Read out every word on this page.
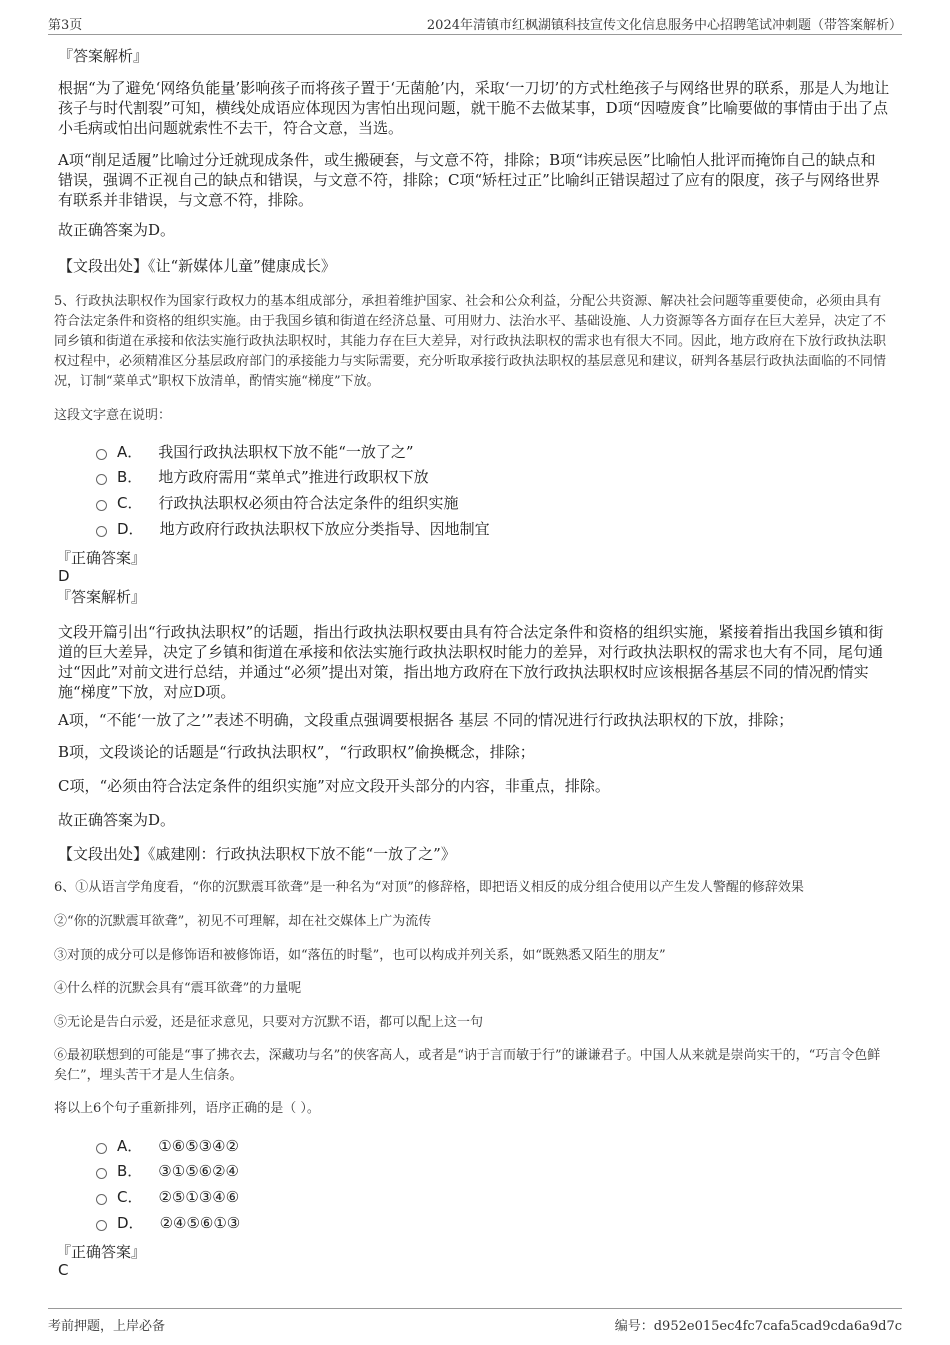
第3页	2024年清镇市红枫湖镇科技宣传文化信息服务中心招聘笔试冲刺题（带答案解析）

『答案解析』

根据“为了避免‘网络负能量’影响孩子而将孩子置于‘无菌舱’内，采取‘一刀切’的方式杜绝孩子与网络世界的联系，那是人为地让孩子与时代割裂”可知，横线处成语应体现因为害怕出现问题，就干脆不去做某事，D项“因噎废食”比喻要做的事情由于出了点小毛病或怕出问题就索性不去干，符合文意，当选。

A项“削足适履”比喻过分迁就现成条件，或生搬硬套，与文意不符，排除；B项“讳疾忌医”比喻怕人批评而掩饰自己的缺点和错误，强调不正视自己的缺点和错误，与文意不符，排除；C项“矫枉过正”比喻纠正错误超过了应有的限度，孩子与网络世界有联系并非错误，与文意不符，排除。

故正确答案为D。

【文段出处】《让“新媒体儿童”健康成长》

5、行政执法职权作为国家行政权力的基本组成部分，承担着维护国家、社会和公众利益，分配公共资源、解决社会问题等重要使命，必须由具有符合法定条件和资格的组织实施。由于我国乡镇和街道在经济总量、可用财力、法治水平、基础设施、人力资源等各方面存在巨大差异，决定了不同乡镇和街道在承接和依法实施行政执法职权时，其能力存在巨大差异，对行政执法职权的需求也有很大不同。因此，地方政府在下放行政执法职权过程中，必须精准区分基层政府部门的承接能力与实际需要，充分听取承接行政执法职权的基层意见和建议，研判各基层行政执法面临的不同情况，订制“菜单式”职权下放清单，酌情实施“梯度”下放。

这段文字意在说明：

A． 我国行政执法职权下放不能“一放了之”
B． 地方政府需用“菜单式”推进行政职权下放
C． 行政执法职权必须由符合法定条件的组织实施
D． 地方政府行政执法职权下放应分类指导、因地制宜

『正确答案』

D

『答案解析』

文段开篇引出“行政执法职权”的话题，指出行政执法职权要由具有符合法定条件和资格的组织实施，紧接着指出我国乡镇和街道的巨大差异，决定了乡镇和街道在承接和依法实施行政执法职权时能力的差异，对行政执法职权的需求也大有不同，尾句通过“因此”对前文进行总结，并通过“必须”提出对策，指出地方政府在下放行政执法职权时应该根据各基层不同的情况酌情实施“梯度”下放，对应D项。

A项，“不能‘一放了之’”表述不明确，文段重点强调要根据各 基层 不同的情况进行行政执法职权的下放，排除；

B项，文段谈论的话题是“行政执法职权”，“行政职权”偷换概念，排除；

C项，“必须由符合法定条件的组织实施”对应文段开头部分的内容，非重点，排除。

故正确答案为D。

【文段出处】《戚建刚：行政执法职权下放不能“一放了之”》

6、①从语言学角度看，“你的沉默震耳欲聋”是一种名为“对顶”的修辞格，即把语义相反的成分组合使用以产生发人警醒的修辞效果

②“你的沉默震耳欲聋”，初见不可理解，却在社交媒体上广为流传

③对顶的成分可以是修饰语和被修饰语，如“落伍的时髦”，也可以构成并列关系，如“既熟悉又陌生的朋友”

④什么样的沉默会具有“震耳欲聋”的力量呢

⑤无论是告白示爱，还是征求意见，只要对方沉默不语，都可以配上这一句

⑥最初联想到的可能是“事了拂衣去，深藏功与名”的侠客高人，或者是“讷于言而敏于行”的谦谦君子。中国人从来就是崇尚实干的，“巧言令色鲜矣仁”，埋头苦干才是人生信条。

将以上6个句子重新排列，语序正确的是（ ）。

A． ①⑥⑤③④②
B． ③①⑤⑥②④
C． ②⑤①③④⑥
D． ②④⑤⑥①③

『正确答案』

C

考前押题，上岸必备	编号：d952e015ec4fc7cafa5cad9cda6a9d7c
